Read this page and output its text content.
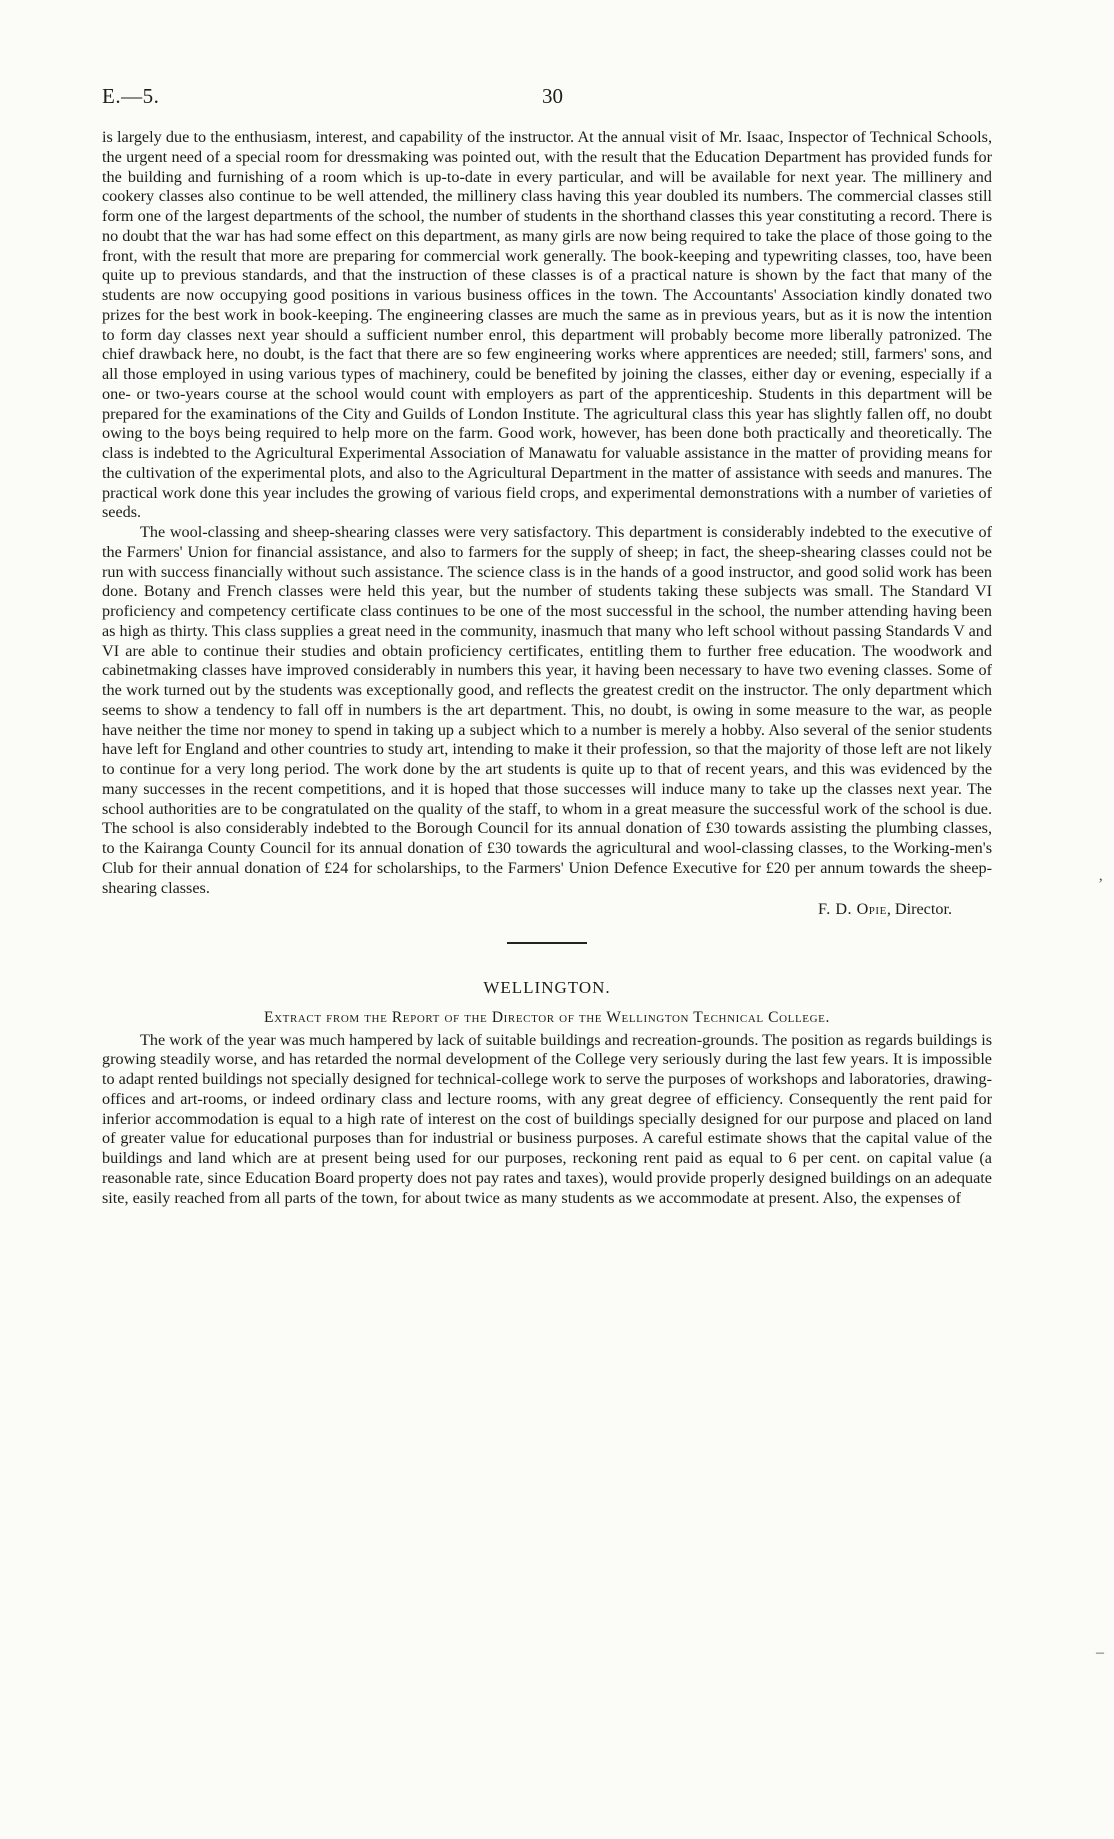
E.—5.	30

is largely due to the enthusiasm, interest, and capability of the instructor. At the annual visit of Mr. Isaac, Inspector of Technical Schools, the urgent need of a special room for dressmaking was pointed out, with the result that the Education Department has provided funds for the building and furnishing of a room which is up-to-date in every particular, and will be available for next year. The millinery and cookery classes also continue to be well attended, the millinery class having this year doubled its numbers. The commercial classes still form one of the largest departments of the school, the number of students in the shorthand classes this year constituting a record. There is no doubt that the war has had some effect on this department, as many girls are now being required to take the place of those going to the front, with the result that more are preparing for commercial work generally. The book-keeping and typewriting classes, too, have been quite up to previous standards, and that the instruction of these classes is of a practical nature is shown by the fact that many of the students are now occupying good positions in various business offices in the town. The Accountants' Association kindly donated two prizes for the best work in book-keeping. The engineering classes are much the same as in previous years, but as it is now the intention to form day classes next year should a sufficient number enrol, this department will probably become more liberally patronized. The chief drawback here, no doubt, is the fact that there are so few engineering works where apprentices are needed; still, farmers' sons, and all those employed in using various types of machinery, could be benefited by joining the classes, either day or evening, especially if a one- or two-years course at the school would count with employers as part of the apprenticeship. Students in this department will be prepared for the examinations of the City and Guilds of London Institute. The agricultural class this year has slightly fallen off, no doubt owing to the boys being required to help more on the farm. Good work, however, has been done both practically and theoretically. The class is indebted to the Agricultural Experimental Association of Manawatu for valuable assistance in the matter of providing means for the cultivation of the experimental plots, and also to the Agricultural Department in the matter of assistance with seeds and manures. The practical work done this year includes the growing of various field crops, and experimental demonstrations with a number of varieties of seeds.

The wool-classing and sheep-shearing classes were very satisfactory. This department is considerably indebted to the executive of the Farmers' Union for financial assistance, and also to farmers for the supply of sheep; in fact, the sheep-shearing classes could not be run with success financially without such assistance. The science class is in the hands of a good instructor, and good solid work has been done. Botany and French classes were held this year, but the number of students taking these subjects was small. The Standard VI proficiency and competency certificate class continues to be one of the most successful in the school, the number attending having been as high as thirty. This class supplies a great need in the community, inasmuch that many who left school without passing Standards V and VI are able to continue their studies and obtain proficiency certificates, entitling them to further free education. The woodwork and cabinetmaking classes have improved considerably in numbers this year, it having been necessary to have two evening classes. Some of the work turned out by the students was exceptionally good, and reflects the greatest credit on the instructor. The only department which seems to show a tendency to fall off in numbers is the art department. This, no doubt, is owing in some measure to the war, as people have neither the time nor money to spend in taking up a subject which to a number is merely a hobby. Also several of the senior students have left for England and other countries to study art, intending to make it their profession, so that the majority of those left are not likely to continue for a very long period. The work done by the art students is quite up to that of recent years, and this was evidenced by the many successes in the recent competitions, and it is hoped that those successes will induce many to take up the classes next year. The school authorities are to be congratulated on the quality of the staff, to whom in a great measure the successful work of the school is due. The school is also considerably indebted to the Borough Council for its annual donation of £30 towards assisting the plumbing classes, to the Kairanga County Council for its annual donation of £30 towards the agricultural and wool-classing classes, to the Working-men's Club for their annual donation of £24 for scholarships, to the Farmers' Union Defence Executive for £20 per annum towards the sheep-shearing classes.

F. D. Opie, Director.
WELLINGTON.
Extract from the Report of the Director of the Wellington Technical College.

The work of the year was much hampered by lack of suitable buildings and recreation-grounds. The position as regards buildings is growing steadily worse, and has retarded the normal development of the College very seriously during the last few years. It is impossible to adapt rented buildings not specially designed for technical-college work to serve the purposes of workshops and laboratories, drawing-offices and art-rooms, or indeed ordinary class and lecture rooms, with any great degree of efficiency. Consequently the rent paid for inferior accommodation is equal to a high rate of interest on the cost of buildings specially designed for our purpose and placed on land of greater value for educational purposes than for industrial or business purposes. A careful estimate shows that the capital value of the buildings and land which are at present being used for our purposes, reckoning rent paid as equal to 6 per cent. on capital value (a reasonable rate, since Education Board property does not pay rates and taxes), would provide properly designed buildings on an adequate site, easily reached from all parts of the town, for about twice as many students as we accommodate at present. Also, the expenses of

ʼ
–
